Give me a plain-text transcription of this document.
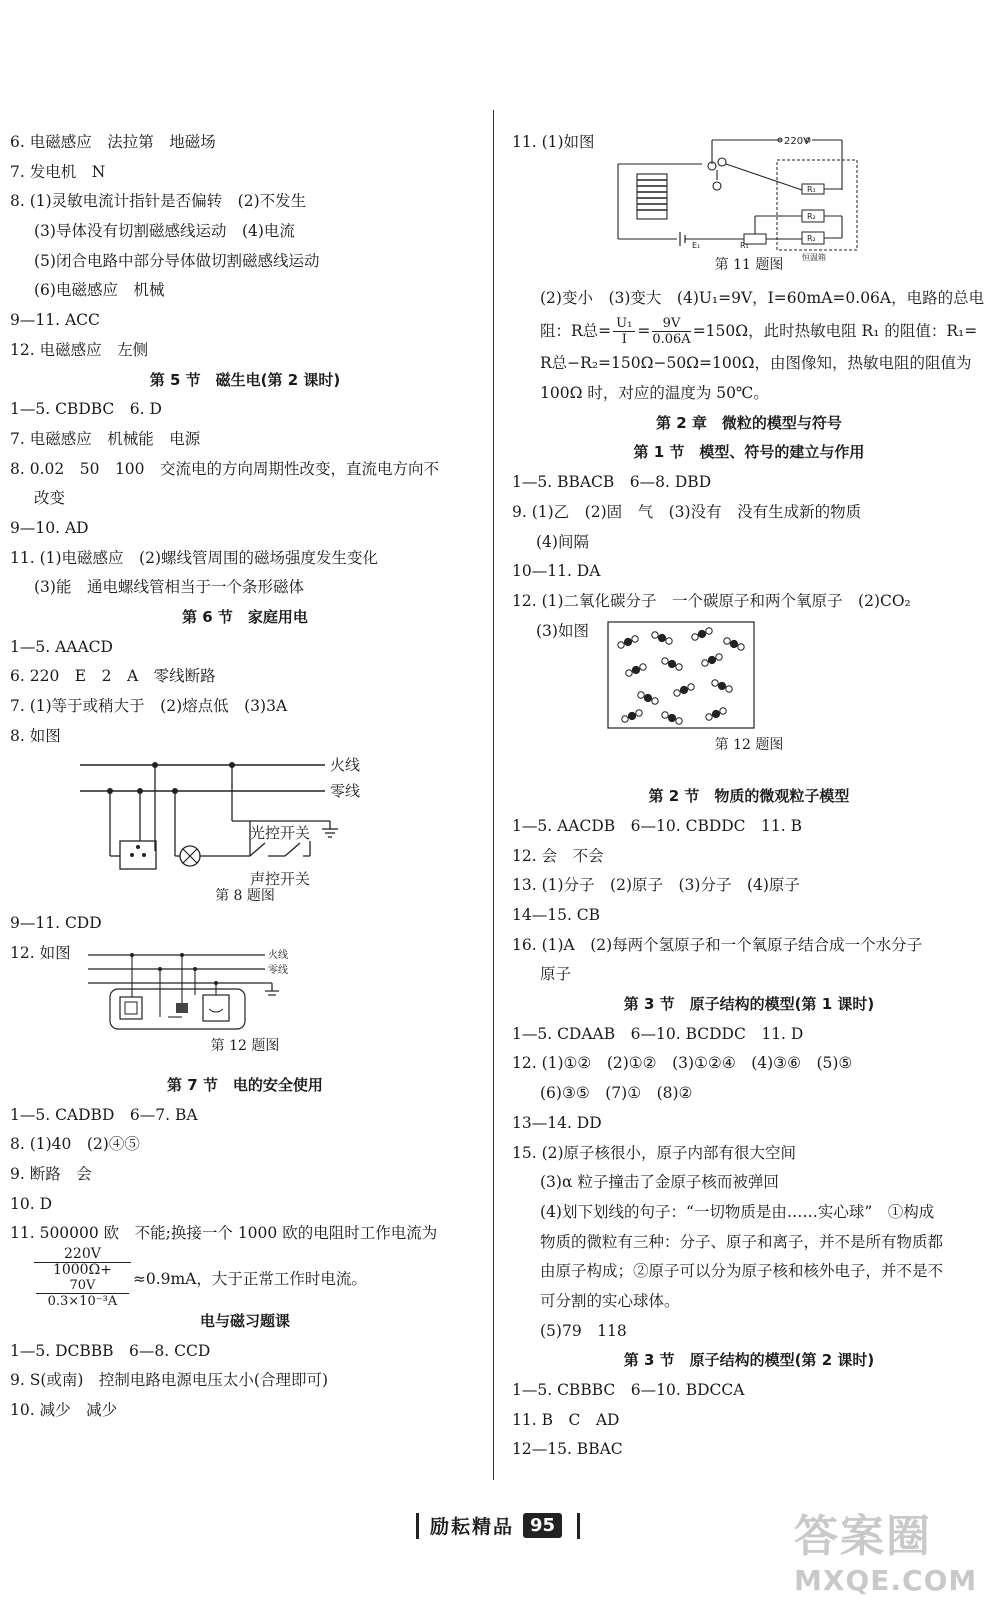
6. 电磁感应　法拉第　地磁场
7. 发电机　N
8. (1)灵敏电流计指针是否偏转　(2)不发生
(3)导体没有切割磁感线运动　(4)电流
(5)闭合电路中部分导体做切割磁感线运动
(6)电磁感应　机械
9—11. ACC
12. 电磁感应　左侧
第 5 节　磁生电(第 2 课时)
1—5. CBDBC　6. D
7. 电磁感应　机械能　电源
8. 0.02　50　100　交流电的方向周期性改变，直流电方向不
改变
9—10. AD
11. (1)电磁感应　(2)螺线管周围的磁场强度发生变化
(3)能　通电螺线管相当于一个条形磁体
第 6 节　家庭用电
1—5. AAACD
6. 220　E　2　A　零线断路
7. (1)等于或稍大于　(2)熔点低　(3)3A
8. 如图
火线
零线
光控开关
声控开关
第 8 题图
9—11. CDD
12. 如图	火线
零线
第 12 题图
第 7 节　电的安全使用
1—5. CADBD　6—7. BA
8. (1)40　(2)④⑤
9. 断路　会
10. D
11. 500000 欧　不能;换接一个 1000 欧的电阻时工作电流为
220V
1000Ω+
70V
0.3×10⁻³A ≈0.9mA，大于正常工作时电流。
电与磁习题课
1—5. DCBBB　6—8. CCD
9. S(或南)　控制电路电源电压太小(合理即可)
10. 减少　减少
11. (1)如图	220V
R₁
E₁	R₁
R₂
R₂
恒温箱
第 11 题图
(2)变小　(3)变大　(4)U₁=9V，I=60mA=0.06A，电路的总电
阻：R总= $\frac{\text{U₁}}{I} = \frac{9V}{0.06A} =150\Omega$，此时热敏电阻 R₁ 的阻值：R₁=
R总−R₂=150Ω−50Ω=100Ω，由图像知，热敏电阻的阻值为
100Ω 时，对应的温度为 50℃。
第 2 章　微粒的模型与符号
第 1 节　模型、符号的建立与作用
1—5. BBACB　6—8. DBD
9. (1)乙　(2)固　气　(3)没有　没有生成新的物质
(4)间隔
10—11. DA
12. (1)二氧化碳分子　一个碳原子和两个氧原子　(2)CO₂
(3)如图
第 12 题图
第 2 节　物质的微观粒子模型
1—5. AACDB　6—10. CBDDC　11. B
12. 会　不会
13. (1)分子　(2)原子　(3)分子　(4)原子
14—15. CB
16. (1)A　(2)每两个氢原子和一个氧原子结合成一个水分子
原子
第 3 节　原子结构的模型(第 1 课时)
1—5. CDAAB　6—10. BCDDC　11. D
12. (1)①②　(2)①②　(3)①②④　(4)③⑥　(5)⑤
(6)③⑤　(7)①　(8)②
13—14. DD
15. (2)原子核很小，原子内部有很大空间
(3)α 粒子撞击了金原子核而被弹回
(4)划下划线的句子：“一切物质是由……实心球”　①构成
物质的微粒有三种：分子、原子和离子，并不是所有物质都
由原子构成；②原子可以分为原子核和核外电子，并不是不
可分割的实心球体。
(5)79　118
第 3 节　原子结构的模型(第 2 课时)
1—5. CBBBC　6—10. BDCCA
11. B　C　AD
12—15. BBAC
励耘精品 95	答案圈
MXQE.COM
